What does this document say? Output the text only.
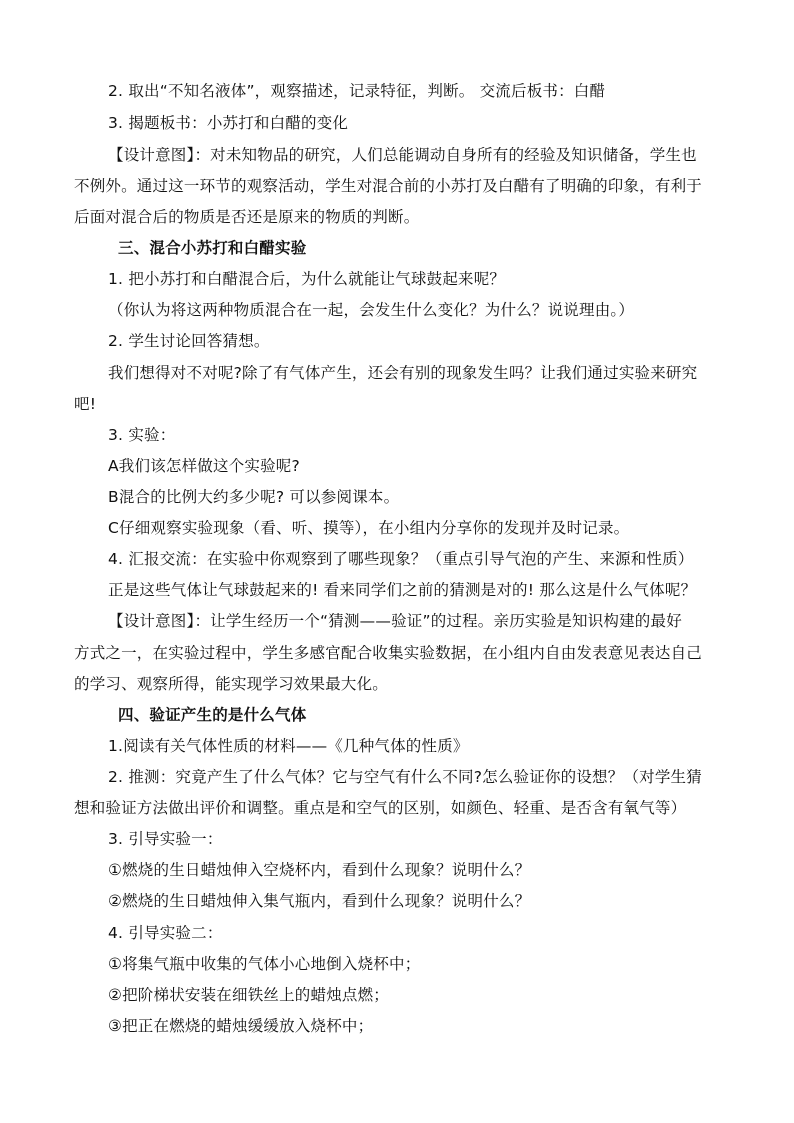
2. 取出“不知名液体”，观察描述，记录特征，判断。 交流后板书：白醋
3. 揭题板书：小苏打和白醋的变化
【设计意图】：对未知物品的研究，人们总能调动自身所有的经验及知识储备，学生也
不例外。通过这一环节的观察活动，学生对混合前的小苏打及白醋有了明确的印象，有利于
后面对混合后的物质是否还是原来的物质的判断。
三、混合小苏打和白醋实验
1. 把小苏打和白醋混合后，为什么就能让气球鼓起来呢？
（你认为将这两种物质混合在一起，会发生什么变化？为什么？说说理由。）
2. 学生讨论回答猜想。
我们想得对不对呢?除了有气体产生，还会有别的现象发生吗？让我们通过实验来研究
吧!
3. 实验：
A我们该怎样做这个实验呢?
B混合的比例大约多少呢? 可以参阅课本。
C仔细观察实验现象（看、听、摸等），在小组内分享你的发现并及时记录。
4. 汇报交流：在实验中你观察到了哪些现象？（重点引导气泡的产生、来源和性质）
正是这些气体让气球鼓起来的! 看来同学们之前的猜测是对的! 那么这是什么气体呢？
【设计意图】：让学生经历一个“猜测——验证”的过程。亲历实验是知识构建的最好
方式之一，在实验过程中，学生多感官配合收集实验数据，在小组内自由发表意见表达自己
的学习、观察所得，能实现学习效果最大化。
四、验证产生的是什么气体
1.阅读有关气体性质的材料——《几种气体的性质》
2. 推测：究竟产生了什么气体？它与空气有什么不同?怎么验证你的设想？（对学生猜
想和验证方法做出评价和调整。重点是和空气的区别，如颜色、轻重、是否含有氧气等）
3. 引导实验一：
①燃烧的生日蜡烛伸入空烧杯内，看到什么现象？说明什么？
②燃烧的生日蜡烛伸入集气瓶内，看到什么现象？说明什么？
4. 引导实验二：
①将集气瓶中收集的气体小心地倒入烧杯中；
②把阶梯状安装在细铁丝上的蜡烛点燃；
③把正在燃烧的蜡烛缓缓放入烧杯中；
